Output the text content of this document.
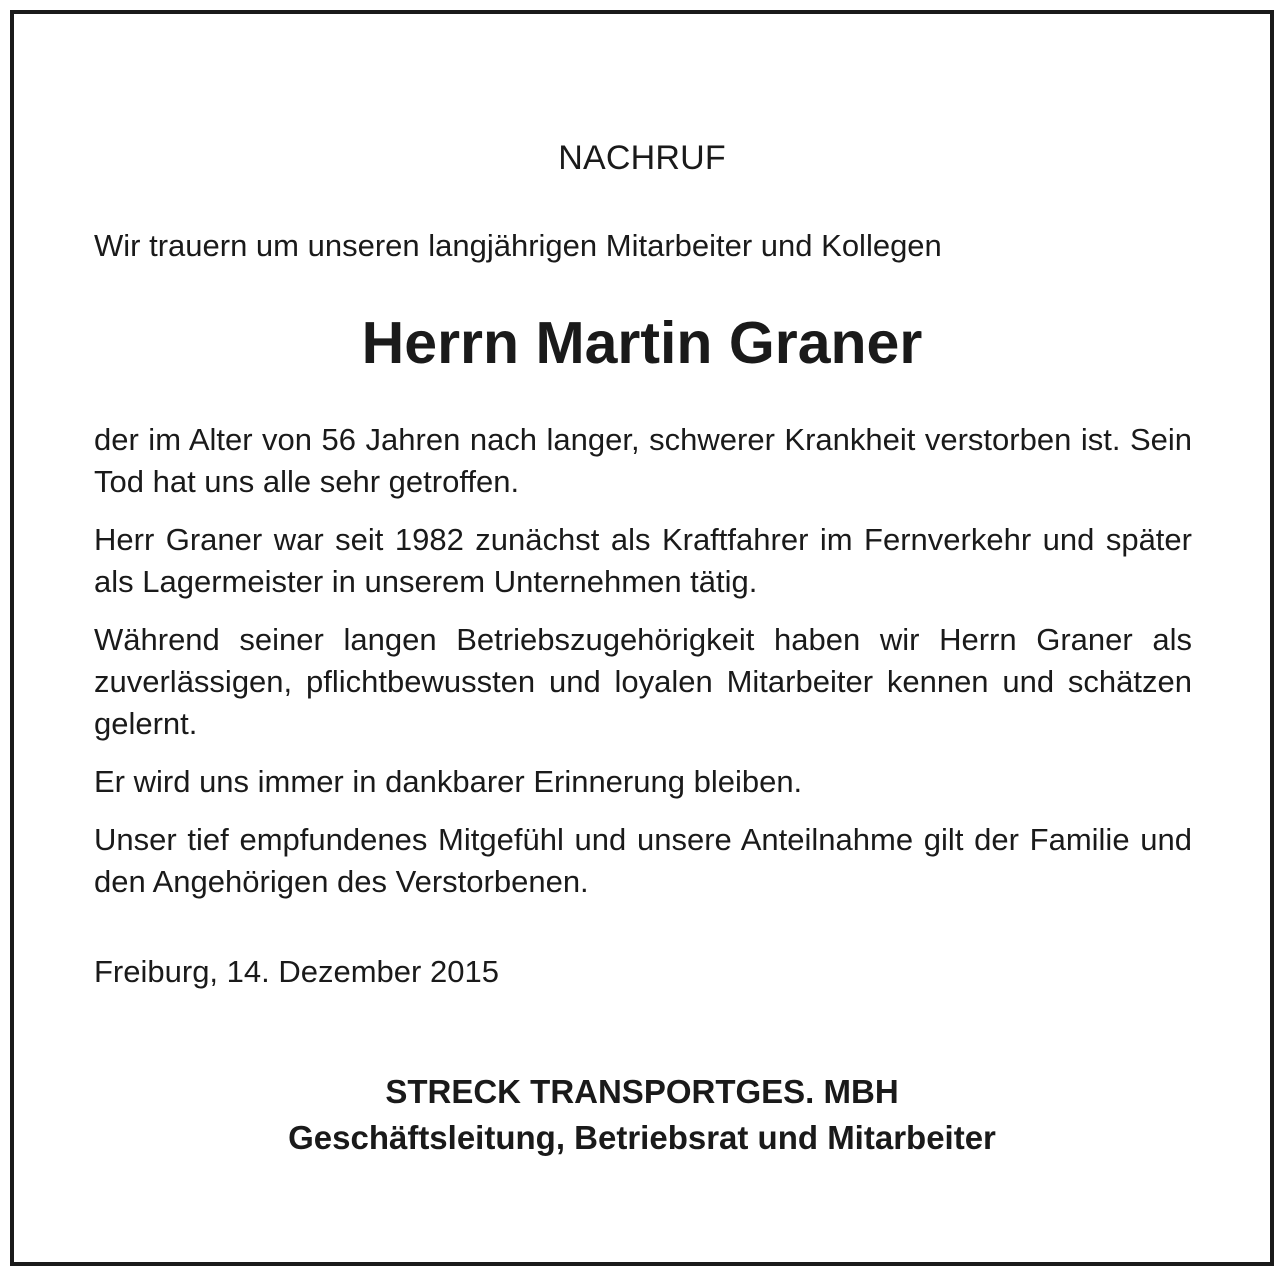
NACHRUF
Wir trauern um unseren langjährigen Mitarbeiter und Kollegen
Herrn Martin Graner

der im Alter von 56 Jahren nach langer, schwerer Krankheit verstorben ist. Sein Tod hat uns alle sehr getroffen.

Herr Graner war seit 1982 zunächst als Kraftfahrer im Fernverkehr und später als Lagermeister in unserem Unternehmen tätig.

Während seiner langen Betriebszugehörigkeit haben wir Herrn Graner als zuverlässigen, pflichtbewussten und loyalen Mitarbeiter kennen und schätzen gelernt.

Er wird uns immer in dankbarer Erinnerung bleiben.

Unser tief empfundenes Mitgefühl und unsere Anteilnahme gilt der Familie und den Angehörigen des Verstorbenen.

Freiburg, 14. Dezember 2015
STRECK TRANSPORTGES. MBH
Geschäftsleitung, Betriebsrat und Mitarbeiter
